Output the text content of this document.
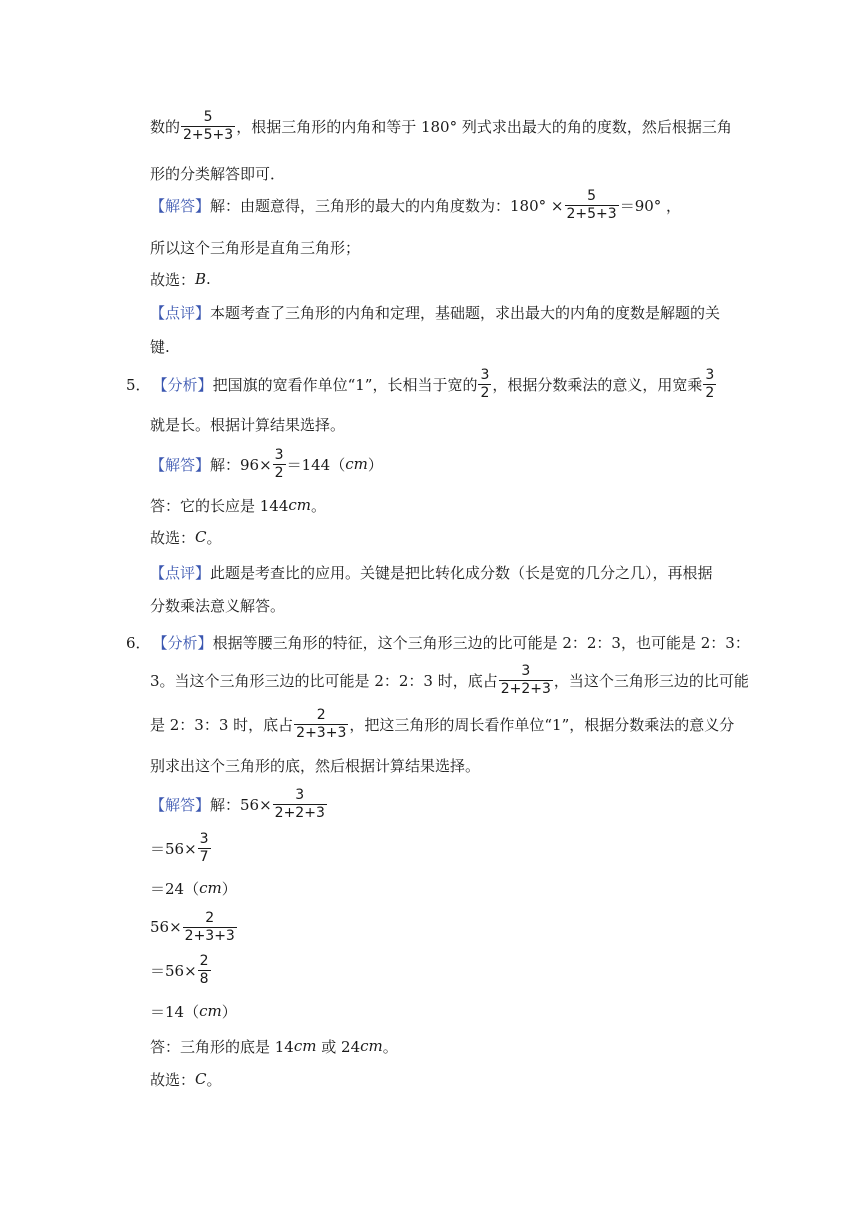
数的 $\frac{5}{2+5+3}$ ，根据三角形的内角和等于 180° 列式求出最大的角的度数，然后根据三角
形的分类解答即可．
【解答】 解：由题意得，三角形的最大的内角度数为：$180^\circ \times \frac{5}{2+5+3} =90^\circ$ ，
所以这个三角形是直角三角形；
故选： B .
【点评】 本题考查了三角形的内角和定理，基础题，求出最大的内角的度数是解题的关
键.
5． 【分析】 把国旗的宽看作单位“1”，长相当于宽的 $\frac{3}{2}$ ，根据分数乘法的意义，用宽乘 $\frac{3}{2}$
就是长。根据计算结果选择。
【解答】 解：$96\times \frac{3}{2} =144$（ cm ）
答：它的长应是 144 cm 。
故选： C 。
【点评】 此题是考查比的应用。关键是把比转化成分数（长是宽的几分之几），再根据
分数乘法意义解答。
6． 【分析】 根据等腰三角形的特征，这个三角形三边的比可能是 2：2：3，也可能是 2：3：
3。当这个三角形三边的比可能是 2：2：3 时，底占 $\frac{3}{2+2+3}$ ，当这个三角形三边的比可能
是 2：3：3 时，底占 $\frac{2}{2+3+3}$ ，把这三角形的周长看作单位“1”，根据分数乘法的意义分
别求出这个三角形的底，然后根据计算结果选择。
【解答】 解：$56\times \frac{3}{2+2+3}$
$=56\times \frac{3}{7}$
＝24（ cm ）
$56\times \frac{2}{2+3+3}$
$=56\times \frac{2}{8}$
＝14（ cm ）
答：三角形的底是 14 cm 或 24 cm 。
故选： C 。
